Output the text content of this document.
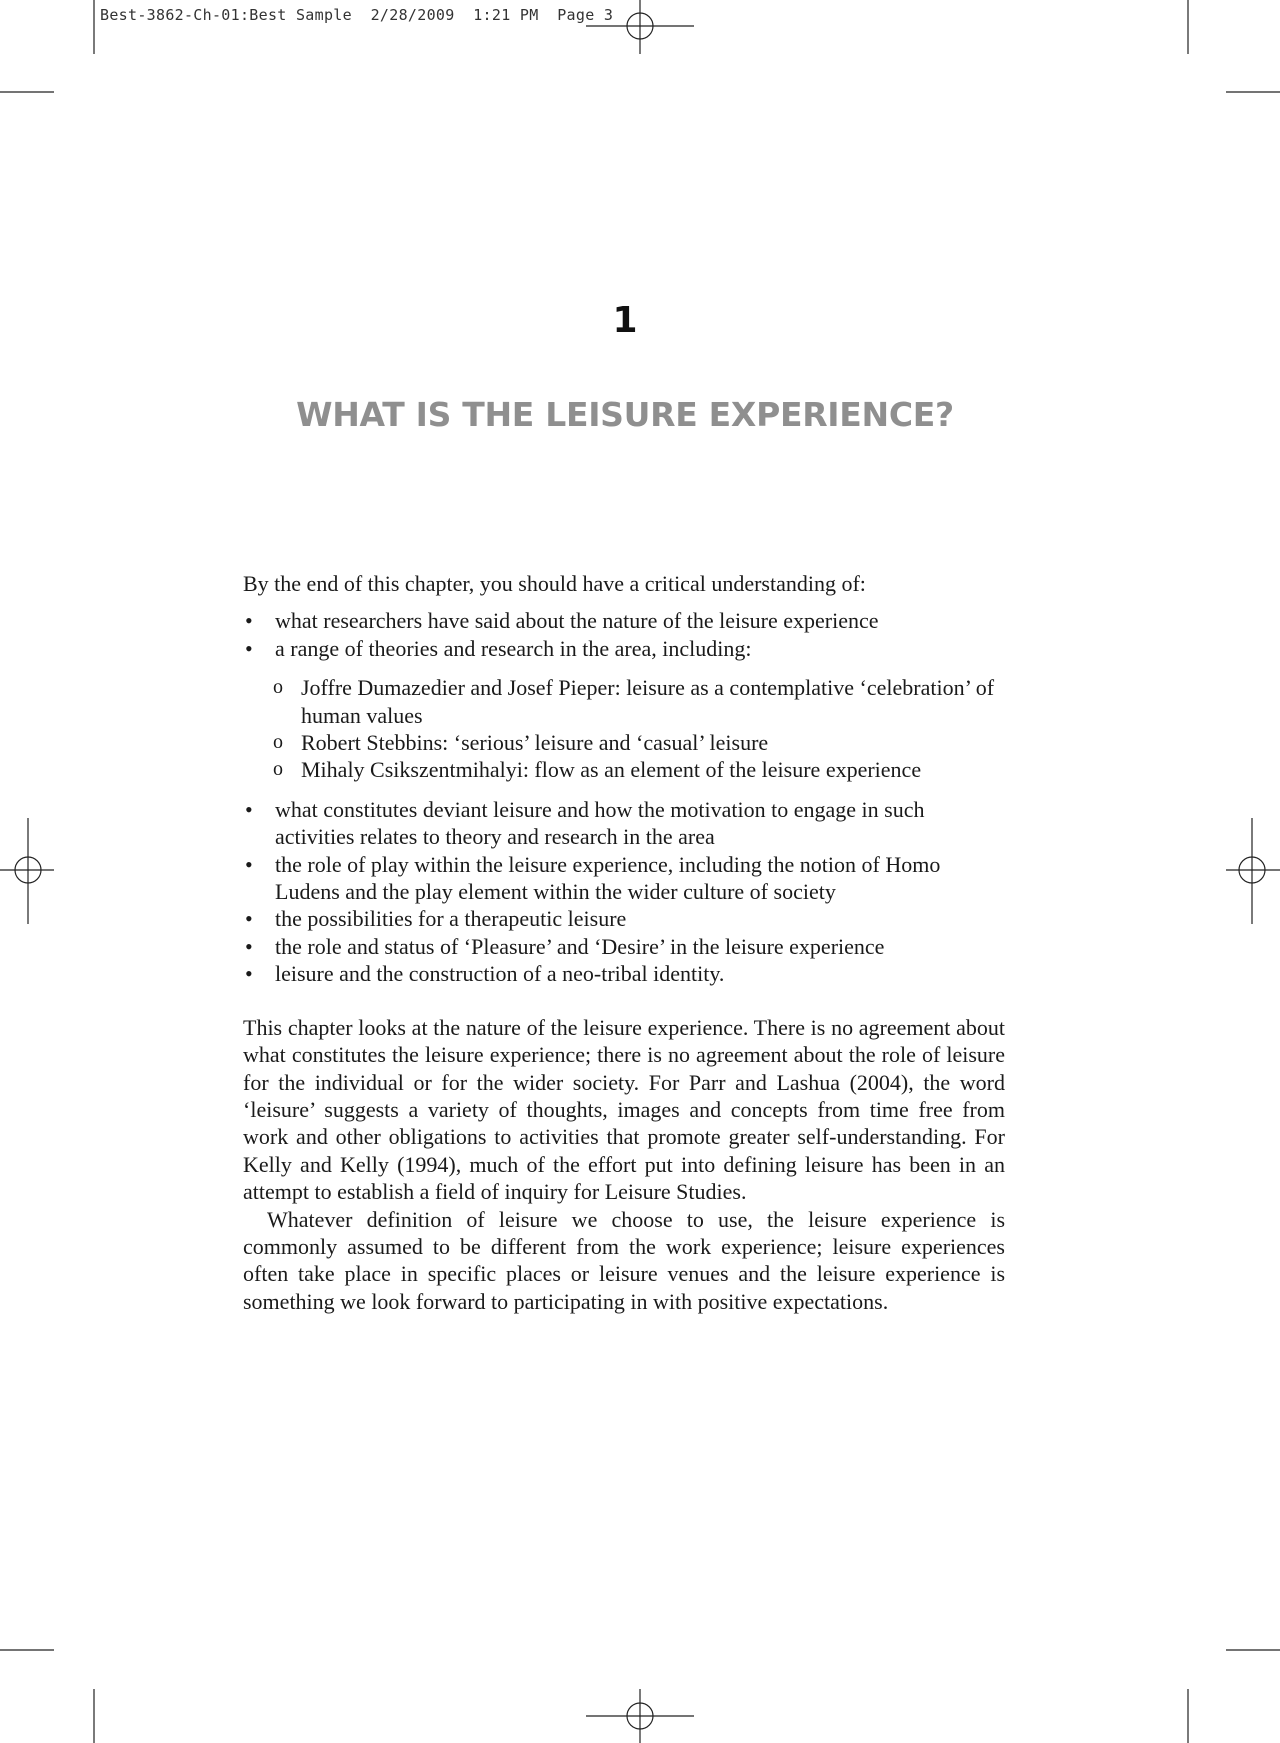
Best-3862-Ch-01:Best Sample  2/28/2009  1:21 PM  Page 3
1
WHAT IS THE LEISURE EXPERIENCE?

By the end of this chapter, you should have a critical understanding of:

• what researchers have said about the nature of the leisure experience
• a range of theories and research in the area, including:
o Joffre Dumazedier and Josef Pieper: leisure as a contemplative ‘celebration’ of human values
o Robert Stebbins: ‘serious’ leisure and ‘casual’ leisure
o Mihaly Csikszentmihalyi: flow as an element of the leisure experience
• what constitutes deviant leisure and how the motivation to engage in such activities relates to theory and research in the area
• the role of play within the leisure experience, including the notion of Homo Ludens and the play element within the wider culture of society
• the possibilities for a therapeutic leisure
• the role and status of ‘Pleasure’ and ‘Desire’ in the leisure experience
• leisure and the construction of a neo-tribal identity.

This chapter looks at the nature of the leisure experience. There is no agreement about what constitutes the leisure experience; there is no agreement about the role of leisure for the individual or for the wider society. For Parr and Lashua (2004), the word ‘leisure’ suggests a variety of thoughts, images and concepts from time free from work and other obligations to activities that promote greater self-understanding. For Kelly and Kelly (1994), much of the effort put into defining leisure has been in an attempt to establish a field of inquiry for Leisure Studies.

Whatever definition of leisure we choose to use, the leisure experience is commonly assumed to be different from the work experience; leisure experiences often take place in specific places or leisure venues and the leisure experience is something we look forward to participating in with positive expectations.
